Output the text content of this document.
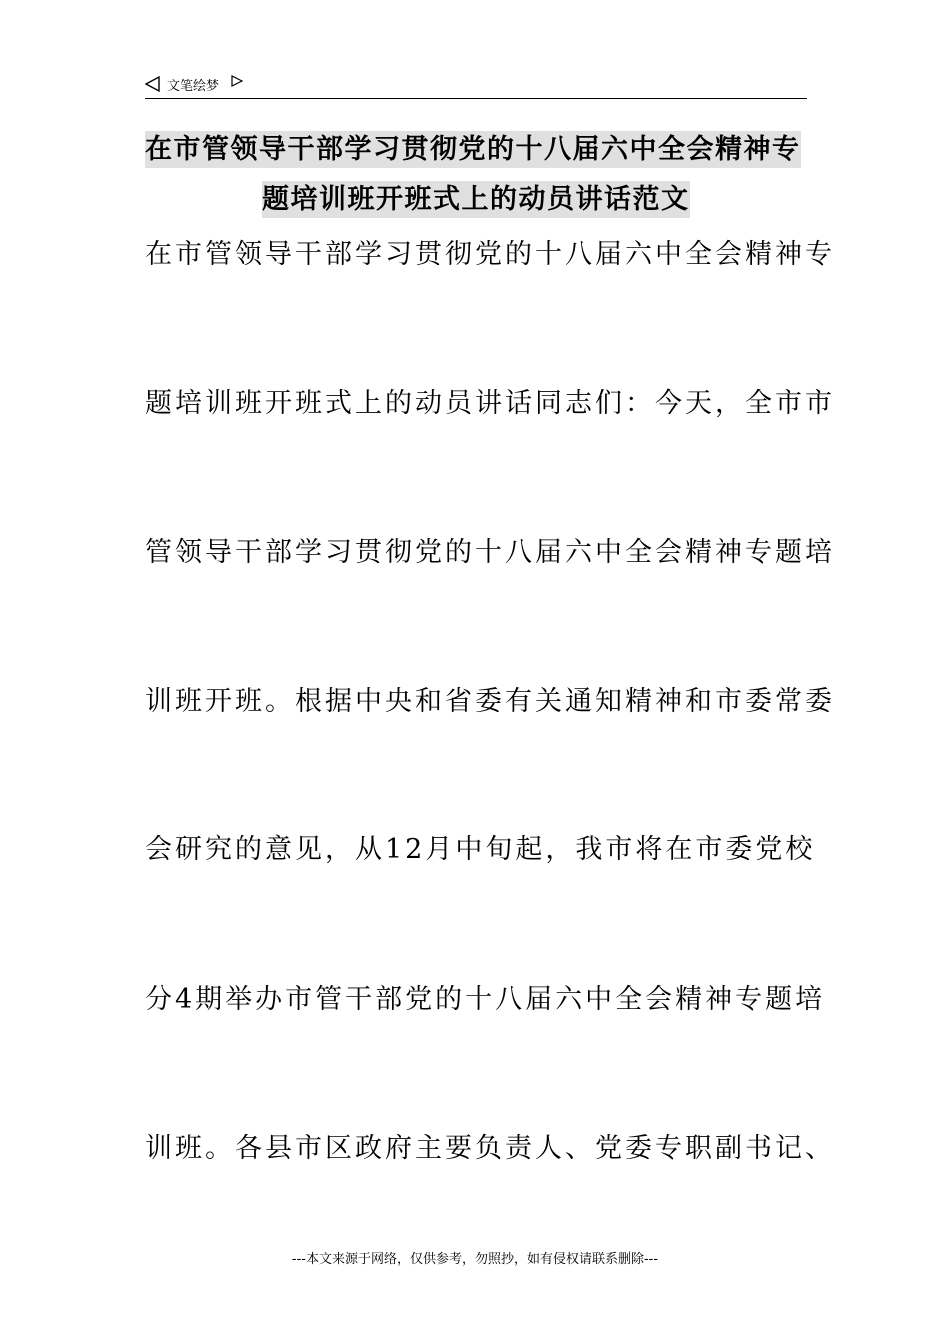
文笔绘梦
在市管领导干部学习贯彻党的十八届六中全会精神专
题培训班开班式上的动员讲话范文
在市管领导干部学习贯彻党的十八届六中全会精神专
题培训班开班式上的动员讲话同志们：今天，全市市
管领导干部学习贯彻党的十八届六中全会精神专题培
训班开班。根据中央和省委有关通知精神和市委常委
会研究的意见，从12月中旬起，我市将在市委党校
分4期举办市管干部党的十八届六中全会精神专题培
训班。各县市区政府主要负责人、党委专职副书记、
---本文来源于网络，仅供参考，勿照抄，如有侵权请联系删除---
